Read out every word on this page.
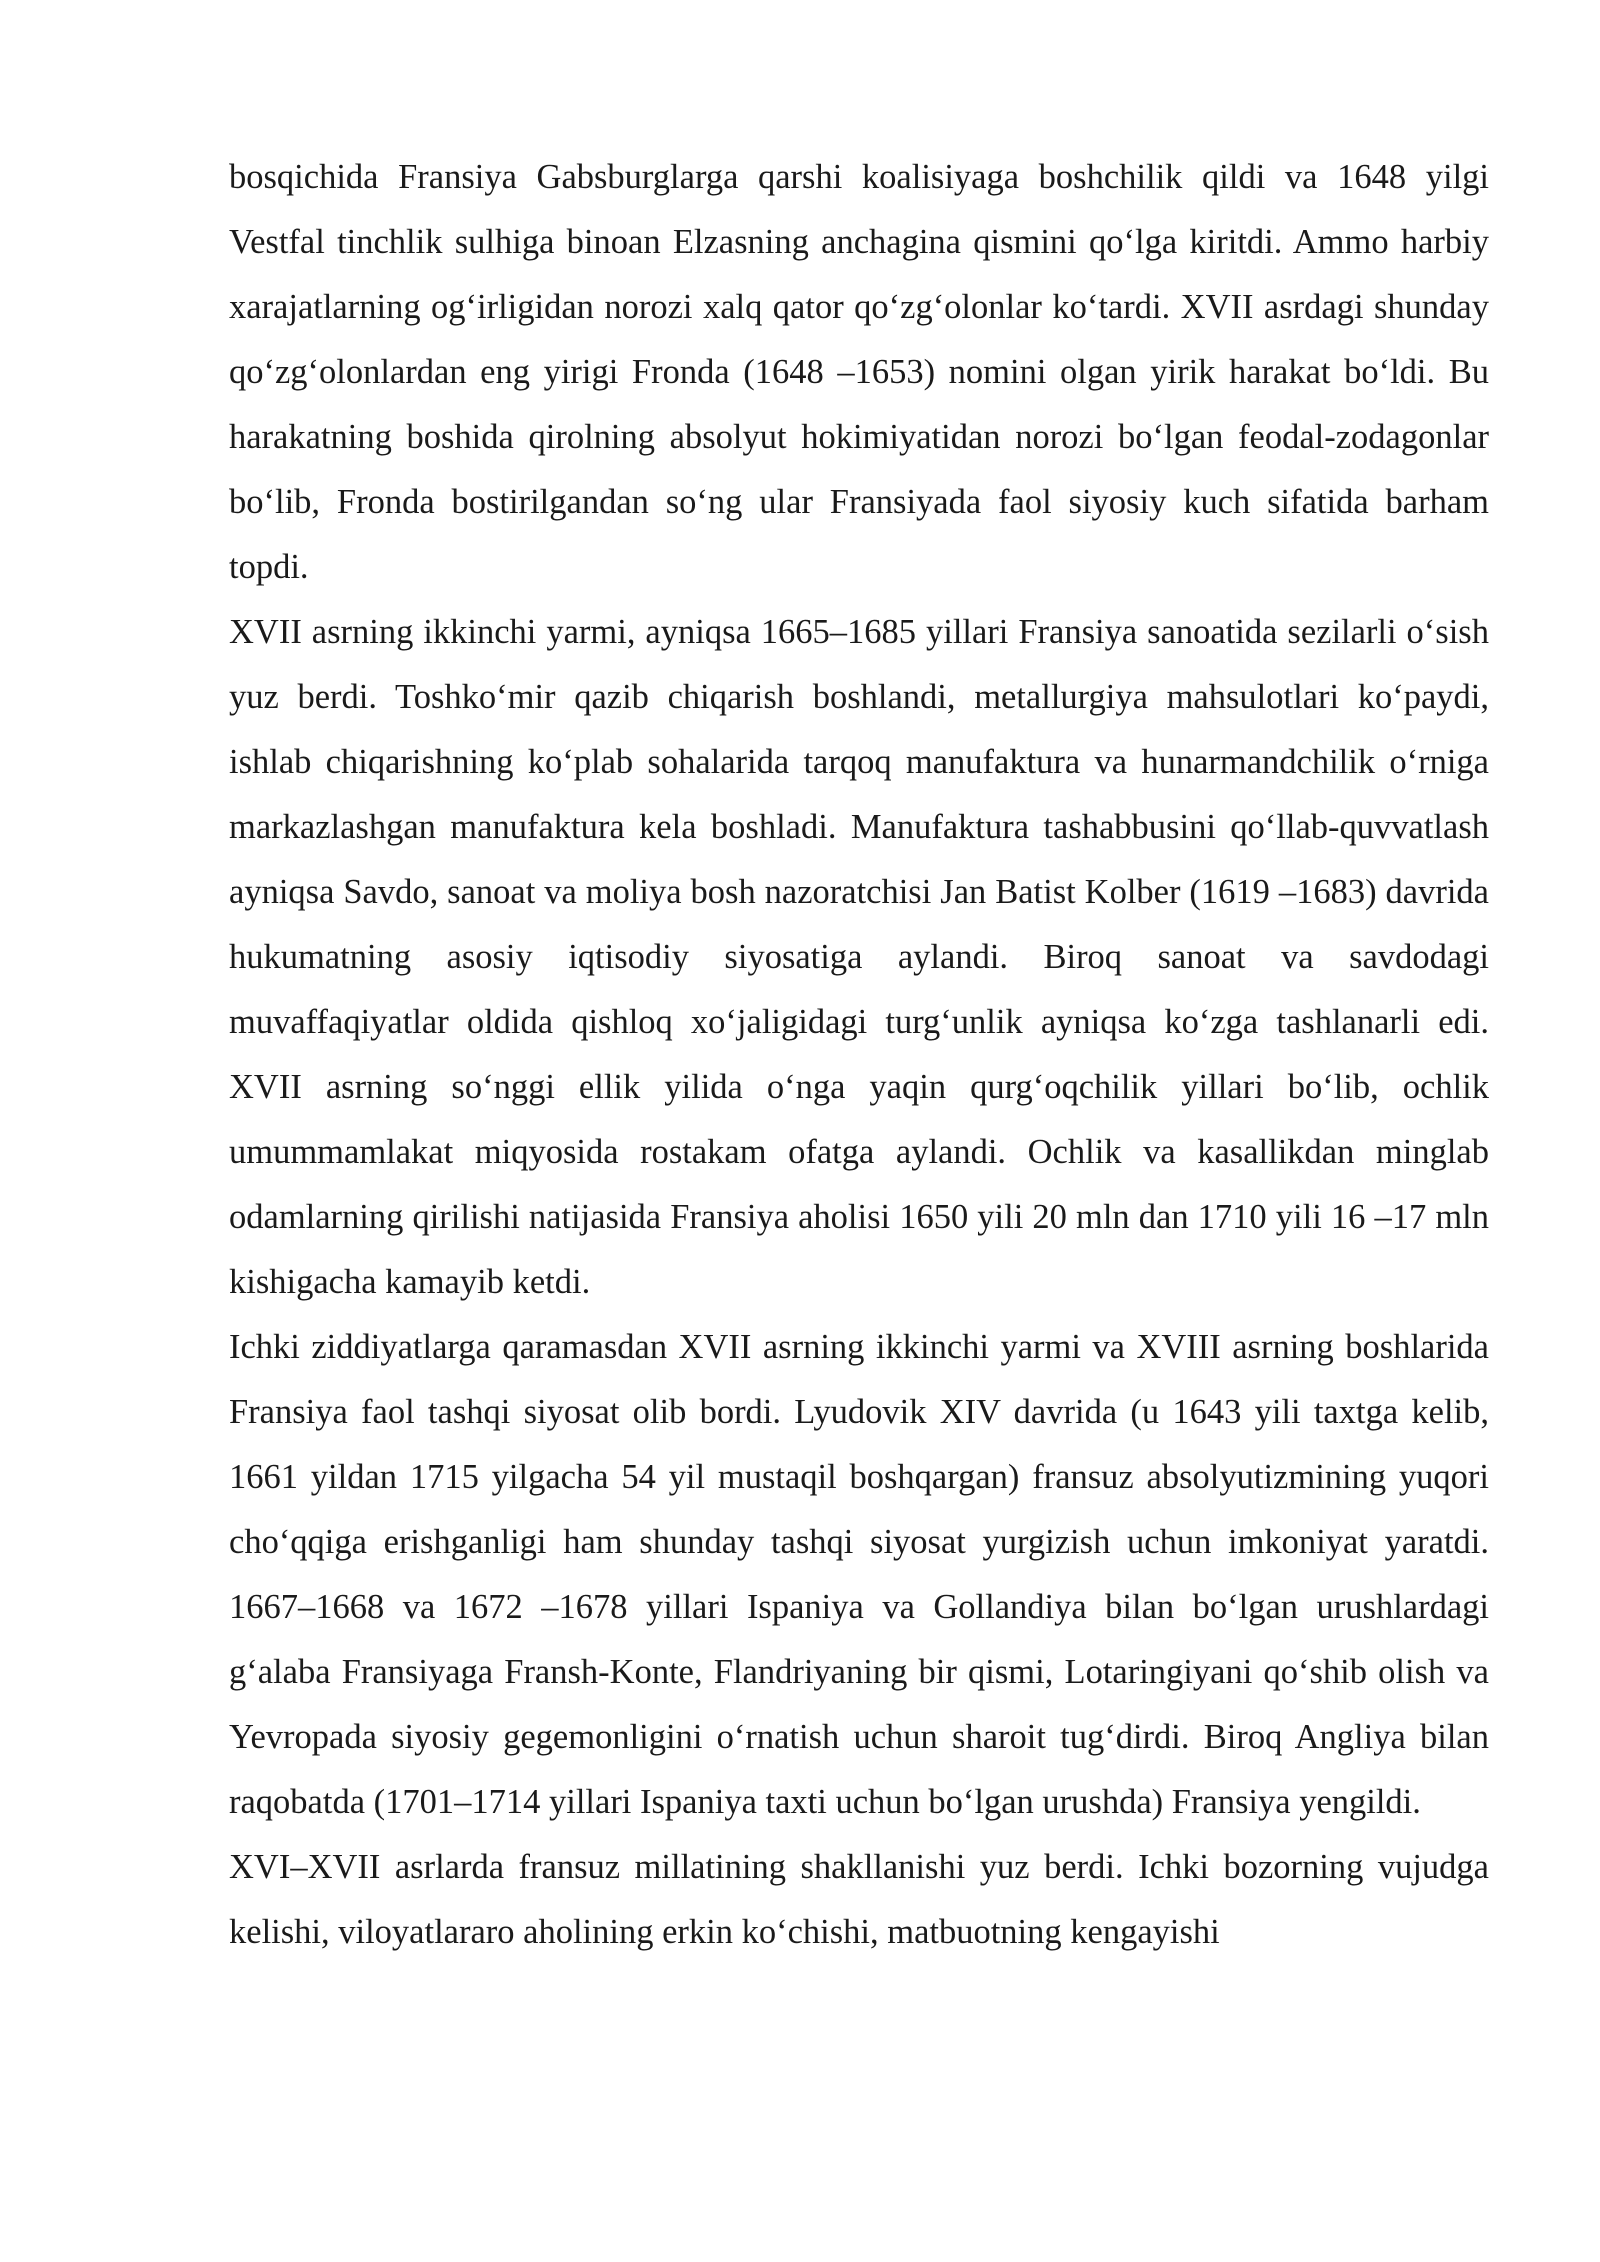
bosqichida Fransiya Gabsburglarga qarshi koalisiyaga boshchilik qildi va 1648 yilgi Vestfal tinchlik sulhiga binoan Elzasning anchagina qismini qo‘lga kiritdi. Ammo harbiy xarajatlarning og‘irligidan norozi xalq qator qo‘zg‘olonlar ko‘tardi. XVII asrdagi shunday qo‘zg‘olonlardan eng yirigi Fronda (1648 –1653) nomini olgan yirik harakat bo‘ldi. Bu harakatning boshida qirolning absolyut hokimiyatidan norozi bo‘lgan feodal-zodagonlar bo‘lib, Fronda bostirilgandan so‘ng ular Fransiyada faol siyosiy kuch sifatida barham topdi.

XVII asrning ikkinchi yarmi, ayniqsa 1665–1685 yillari Fransiya sanoatida sezilarli o‘sish yuz berdi. Toshko‘mir qazib chiqarish boshlandi, metallurgiya mahsulotlari ko‘paydi, ishlab chiqarishning ko‘plab sohalarida tarqoq manufaktura va hunarmandchilik o‘rniga markazlashgan manufaktura kela boshladi. Manufaktura tashabbusini qo‘llab-quvvatlash ayniqsa Savdo, sanoat va moliya bosh nazoratchisi Jan Batist Kolber (1619 –1683) davrida hukumatning asosiy iqtisodiy siyosatiga aylandi. Biroq sanoat va savdodagi muvaffaqiyatlar oldida qishloq xo‘jaligidagi turg‘unlik ayniqsa ko‘zga tashlanarli edi. XVII asrning so‘nggi ellik yilida o‘nga yaqin qurg‘oqchilik yillari bo‘lib, ochlik umummamlakat miqyosida rostakam ofatga aylandi. Ochlik va kasallikdan minglab odamlarning qirilishi natijasida Fransiya aholisi 1650 yili 20 mln dan 1710 yili 16 –17 mln kishigacha kamayib ketdi.

Ichki ziddiyatlarga qaramasdan XVII asrning ikkinchi yarmi va XVIII asrning boshlarida Fransiya faol tashqi siyosat olib bordi. Lyudovik XIV davrida (u 1643 yili taxtga kelib, 1661 yildan 1715 yilgacha 54 yil mustaqil boshqargan) fransuz absolyutizmining yuqori cho‘qqiga erishganligi ham shunday tashqi siyosat yurgizish uchun imkoniyat yaratdi. 1667–1668 va 1672 –1678 yillari Ispaniya va Gollandiya bilan bo‘lgan urushlardagi g‘alaba Fransiyaga Fransh-Konte, Flandriyaning bir qismi, Lotaringiyani qo‘shib olish va Yevropada siyosiy gegemonligini o‘rnatish uchun sharoit tug‘dirdi. Biroq Angliya bilan raqobatda (1701–1714 yillari Ispaniya taxti uchun bo‘lgan urushda) Fransiya yengildi.

XVI–XVII asrlarda fransuz millatining shakllanishi yuz berdi. Ichki bozorning vujudga kelishi, viloyatlararo aholining erkin ko‘chishi, matbuotning kengayishi
